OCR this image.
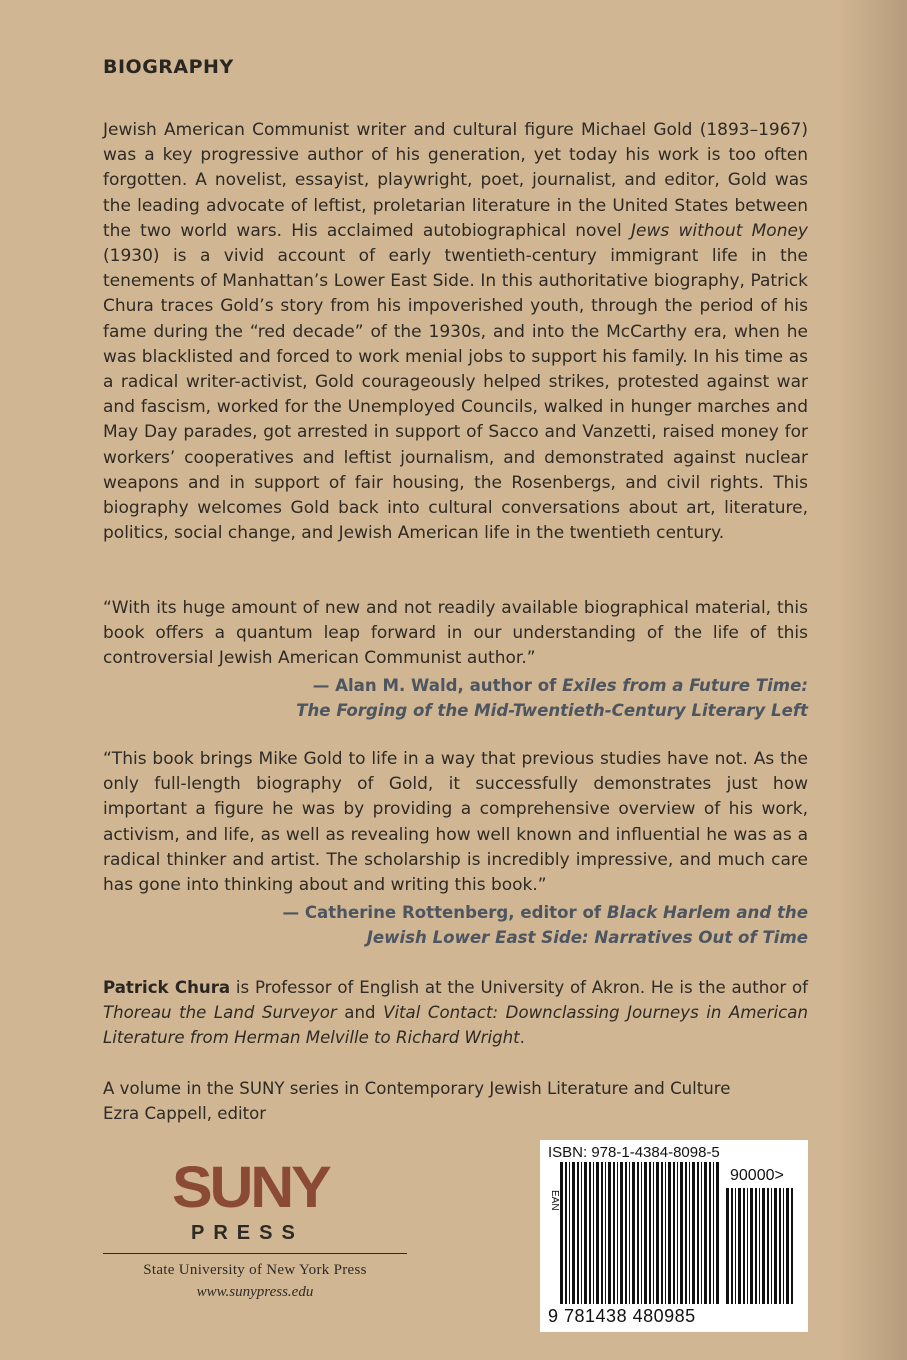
BIOGRAPHY
Jewish American Communist writer and cultural figure Michael Gold (1893–1967) was a key progressive author of his generation, yet today his work is too often forgotten. A novelist, essayist, playwright, poet, journalist, and editor, Gold was the leading advocate of leftist, proletarian literature in the United States between the two world wars. His acclaimed autobiographical novel Jews without Money (1930) is a vivid account of early twentieth-century immigrant life in the tenements of Manhattan’s Lower East Side. In this authoritative biography, Patrick Chura traces Gold’s story from his impoverished youth, through the period of his fame during the “red decade” of the 1930s, and into the McCarthy era, when he was blacklisted and forced to work menial jobs to support his family. In his time as a radical writer-activist, Gold courageously helped strikes, protested against war and fascism, worked for the Unemployed Councils, walked in hunger marches and May Day parades, got arrested in support of Sacco and Vanzetti, raised money for workers’ cooperatives and leftist journalism, and demonstrated against nuclear weapons and in support of fair housing, the Rosenbergs, and civil rights. This biography welcomes Gold back into cultural conversations about art, literature, politics, social change, and Jewish American life in the twentieth century.
“With its huge amount of new and not readily available biographical material, this book offers a quantum leap forward in our understanding of the life of this controversial Jewish American Communist author.”
— Alan M. Wald, author of Exiles from a Future Time:
The Forging of the Mid-Twentieth-Century Literary Left
“This book brings Mike Gold to life in a way that previous studies have not. As the only full-length biography of Gold, it successfully demonstrates just how important a figure he was by providing a comprehensive overview of his work, activism, and life, as well as revealing how well known and influential he was as a radical thinker and artist. The scholarship is incredibly impressive, and much care has gone into thinking about and writing this book.”
— Catherine Rottenberg, editor of Black Harlem and the
Jewish Lower East Side: Narratives Out of Time
Patrick Chura is Professor of English at the University of Akron. He is the author of Thoreau the Land Surveyor and Vital Contact: Downclassing Journeys in American Literature from Herman Melville to Richard Wright.
A volume in the SUNY series in Contemporary Jewish Literature and Culture
Ezra Cappell, editor
SUNY
PRESS
State University of New York Press
www.sunypress.edu
ISBN: 978-1-4384-8098-5
90000>
EAN
9 781438 480985
